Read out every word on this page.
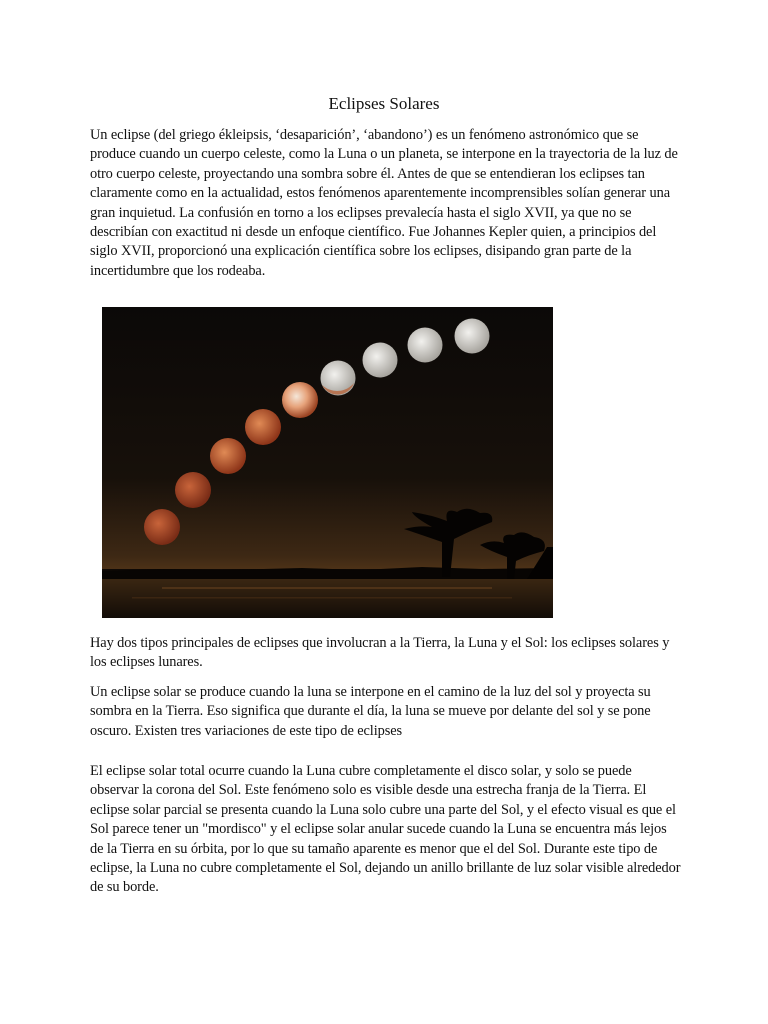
Eclipses Solares

Un eclipse (del griego ékleipsis, ‘desaparición’, ‘abandono’) es un fenómeno astronómico que se produce cuando un cuerpo celeste, como la Luna o un planeta, se interpone en la trayectoria de la luz de otro cuerpo celeste, proyectando una sombra sobre él. Antes de que se entendieran los eclipses tan claramente como en la actualidad, estos fenómenos aparentemente incomprensibles solían generar una gran inquietud. La confusión en torno a los eclipses prevalecía hasta el siglo XVII, ya que no se describían con exactitud ni desde un enfoque científico. Fue Johannes Kepler quien, a principios del siglo XVII, proporcionó una explicación científica sobre los eclipses, disipando gran parte de la incertidumbre que los rodeaba.

Hay dos tipos principales de eclipses que involucran a la Tierra, la Luna y el Sol: los eclipses solares y los eclipses lunares.

Un eclipse solar se produce cuando la luna se interpone en el camino de la luz del sol y proyecta su sombra en la Tierra. Eso significa que durante el día, la luna se mueve por delante del sol y se pone oscuro. Existen tres variaciones de este tipo de eclipses

El eclipse solar total ocurre cuando la Luna cubre completamente el disco solar, y solo se puede observar la corona del Sol. Este fenómeno solo es visible desde una estrecha franja de la Tierra. El eclipse solar parcial se presenta cuando la Luna solo cubre una parte del Sol, y el efecto visual es que el Sol parece tener un "mordisco" y el eclipse solar anular sucede cuando la Luna se encuentra más lejos de la Tierra en su órbita, por lo que su tamaño aparente es menor que el del Sol. Durante este tipo de eclipse, la Luna no cubre completamente el Sol, dejando un anillo brillante de luz solar visible alrededor de su borde.
